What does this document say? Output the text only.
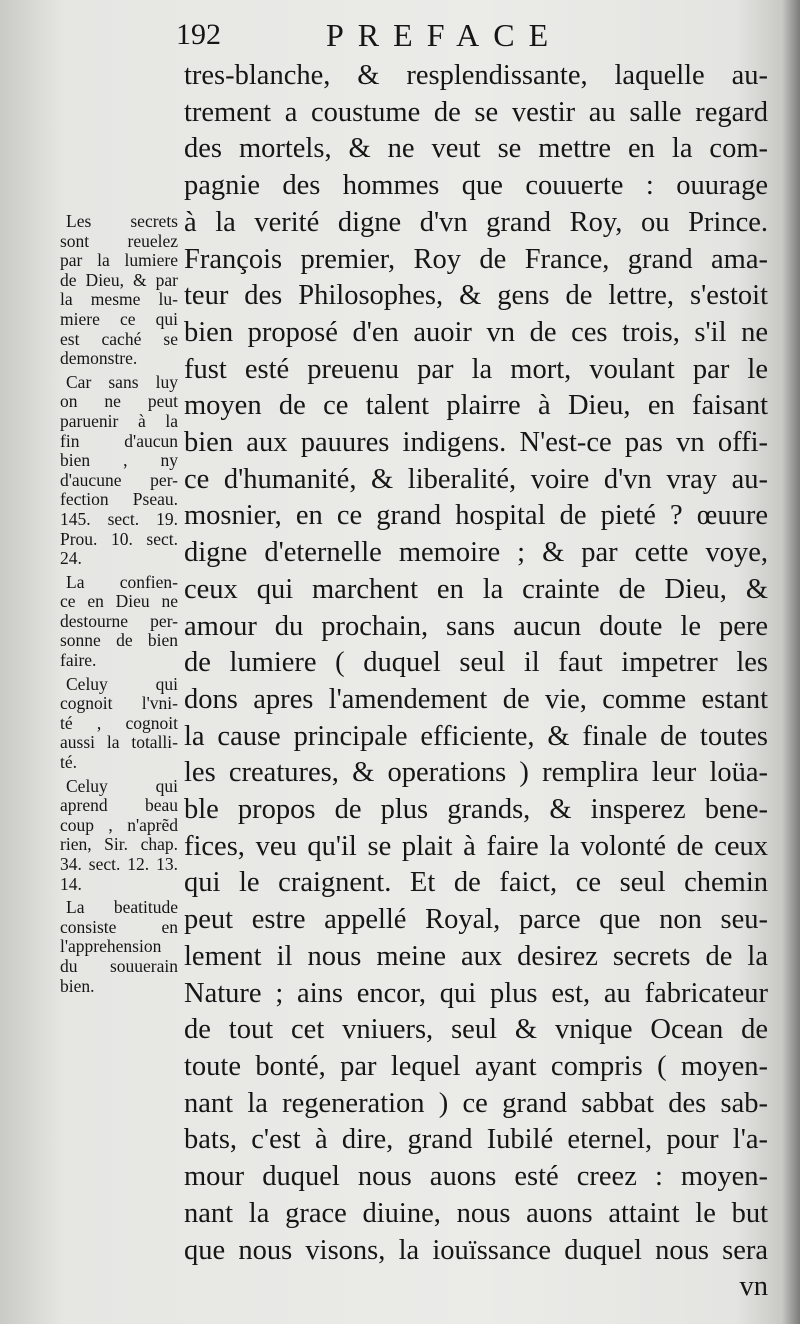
192	PREFACE
Les secrets
sont reuelez
par la lumiere
de Dieu, & par
la mesme lu-
miere ce qui
est caché se
demonstre.
Car sans luy
on ne peut
paruenir à la
fin d'aucun
bien , ny
d'aucune per-
fection Pseau.
145. sect. 19.
Prou. 10. sect.
24.
La confien-
ce en Dieu ne
destourne per-
sonne de bien
faire.
Celuy qui
cognoit l'vni-
té , cognoit
aussi la totalli-
té.
Celuy qui
aprend beau
coup , n'aprẽd
rien, Sir. chap.
34. sect. 12. 13.
14.
La beatitude
consiste en
l'apprehension
du souuerain
bien.
tres-blanche, & resplendissante, laquelle au-
trement a coustume de se vestir au salle regard
des mortels, & ne veut se mettre en la com-
pagnie des hommes que couuerte : ouurage
à la verité digne d'vn grand Roy, ou Prince.
François premier, Roy de France, grand ama-
teur des Philosophes, & gens de lettre, s'estoit
bien proposé d'en auoir vn de ces trois, s'il ne
fust esté preuenu par la mort, voulant par le
moyen de ce talent plairre à Dieu, en faisant
bien aux pauures indigens. N'est-ce pas vn offi-
ce d'humanité, & liberalité, voire d'vn vray au-
mosnier, en ce grand hospital de pieté ? œuure
digne d'eternelle memoire ; & par cette voye,
ceux qui marchent en la crainte de Dieu, &
amour du prochain, sans aucun doute le pere
de lumiere ( duquel seul il faut impetrer les
dons apres l'amendement de vie, comme estant
la cause principale efficiente, & finale de toutes
les creatures, & operations ) remplira leur loüa-
ble propos de plus grands, & insperez bene-
fices, veu qu'il se plait à faire la volonté de ceux
qui le craignent. Et de faict, ce seul chemin
peut estre appellé Royal, parce que non seu-
lement il nous meine aux desirez secrets de la
Nature ; ains encor, qui plus est, au fabricateur
de tout cet vniuers, seul & vnique Ocean de
toute bonté, par lequel ayant compris ( moyen-
nant la regeneration ) ce grand sabbat des sab-
bats, c'est à dire, grand Iubilé eternel, pour l'a-
mour duquel nous auons esté creez : moyen-
nant la grace diuine, nous auons attaint le but
que nous visons, la iouïssance duquel nous sera
vn
